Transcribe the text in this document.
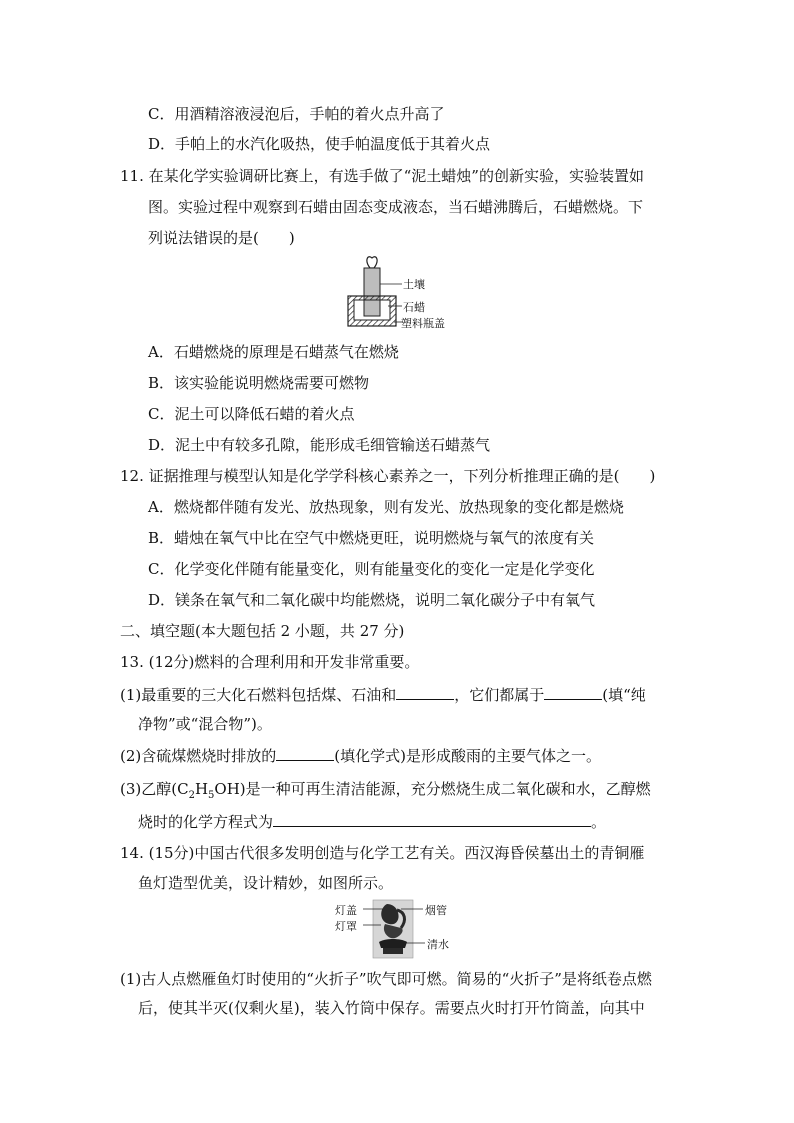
C．用酒精溶液浸泡后，手帕的着火点升高了
D．手帕上的水汽化吸热，使手帕温度低于其着火点
11. 在某化学实验调研比赛上，有选手做了“泥土蜡烛”的创新实验，实验装置如
图。实验过程中观察到石蜡由固态变成液态，当石蜡沸腾后，石蜡燃烧。下
列说法错误的是(　　)
土壤
石蜡
塑料瓶盖
A．石蜡燃烧的原理是石蜡蒸气在燃烧
B．该实验能说明燃烧需要可燃物
C．泥土可以降低石蜡的着火点
D．泥土中有较多孔隙，能形成毛细管输送石蜡蒸气
12. 证据推理与模型认知是化学学科核心素养之一，下列分析推理正确的是(　　)
A．燃烧都伴随有发光、放热现象，则有发光、放热现象的变化都是燃烧
B．蜡烛在氧气中比在空气中燃烧更旺，说明燃烧与氧气的浓度有关
C．化学变化伴随有能量变化，则有能量变化的变化一定是化学变化
D．镁条在氧气和二氧化碳中均能燃烧，说明二氧化碳分子中有氧气
二、填空题(本大题包括 2 小题，共 27 分)
13. (12分)燃料的合理利用和开发非常重要。
(1)最重要的三大化石燃料包括煤、石油和	，它们都属于	(填“纯
净物”或“混合物”)。
(2)含硫煤燃烧时排放的	(填化学式)是形成酸雨的主要气体之一。
(3)乙醇$(C_2H_5OH)$是一种可再生清洁能源，充分燃烧生成二氧化碳和水，乙醇燃
烧时的化学方程式为	。
14. (15分)中国古代很多发明创造与化学工艺有关。西汉海昏侯墓出土的青铜雁
鱼灯造型优美，设计精妙，如图所示。
灯盖
灯罩
烟管
清水
(1)古人点燃雁鱼灯时使用的“火折子”吹气即可燃。简易的“火折子”是将纸卷点燃
后，使其半灭(仅剩火星)，装入竹筒中保存。需要点火时打开竹筒盖，向其中
